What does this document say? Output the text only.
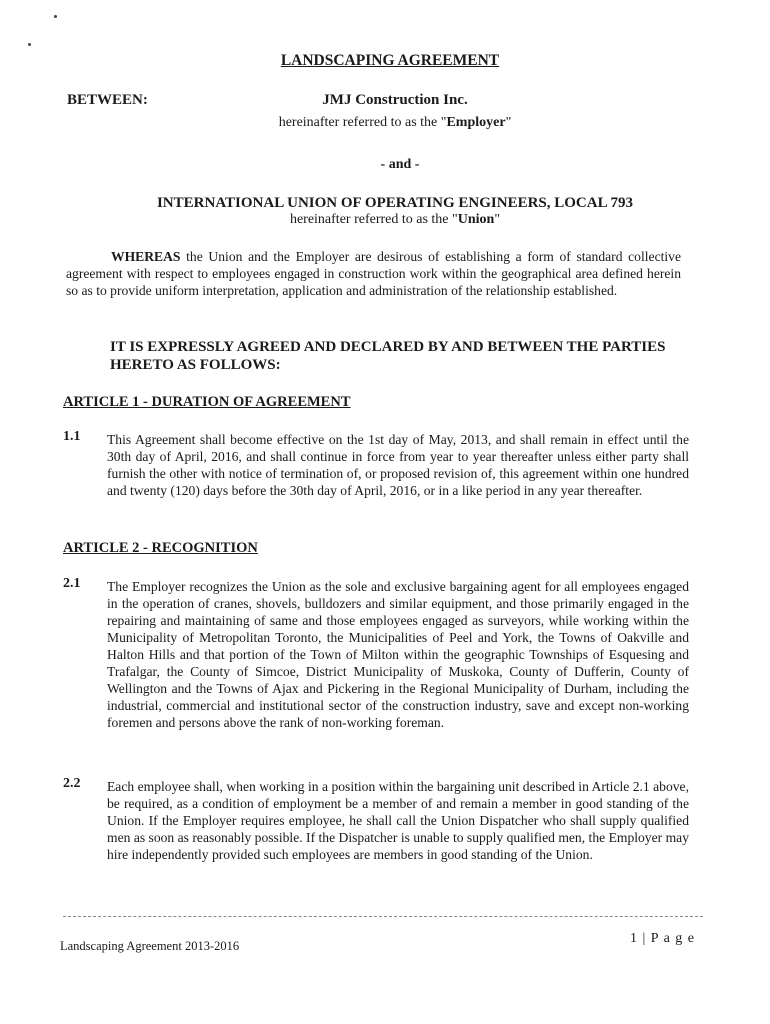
LANDSCAPING AGREEMENT
BETWEEN:	JMJ Construction Inc.
hereinafter referred to as the "Employer"
- and -
INTERNATIONAL UNION OF OPERATING ENGINEERS, LOCAL 793
hereinafter referred to as the "Union"
WHEREAS the Union and the Employer are desirous of establishing a form of standard collective agreement with respect to employees engaged in construction work within the geographical area defined herein so as to provide uniform interpretation, application and administration of the relationship established.
IT IS EXPRESSLY AGREED AND DECLARED BY AND BETWEEN THE PARTIES HERETO AS FOLLOWS:
ARTICLE 1 - DURATION OF AGREEMENT
1.1 This Agreement shall become effective on the 1st day of May, 2013, and shall remain in effect until the 30th day of April, 2016, and shall continue in force from year to year thereafter unless either party shall furnish the other with notice of termination of, or proposed revision of, this agreement within one hundred and twenty (120) days before the 30th day of April, 2016, or in a like period in any year thereafter.
ARTICLE 2 - RECOGNITION
2.1 The Employer recognizes the Union as the sole and exclusive bargaining agent for all employees engaged in the operation of cranes, shovels, bulldozers and similar equipment, and those primarily engaged in the repairing and maintaining of same and those employees engaged as surveyors, while working within the Municipality of Metropolitan Toronto, the Municipalities of Peel and York, the Towns of Oakville and Halton Hills and that portion of the Town of Milton within the geographic Townships of Esquesing and Trafalgar, the County of Simcoe, District Municipality of Muskoka, County of Dufferin, County of Wellington and the Towns of Ajax and Pickering in the Regional Municipality of Durham, including the industrial, commercial and institutional sector of the construction industry, save and except non-working foremen and persons above the rank of non-working foreman.
2.2 Each employee shall, when working in a position within the bargaining unit described in Article 2.1 above, be required, as a condition of employment be a member of and remain a member in good standing of the Union. If the Employer requires employee, he shall call the Union Dispatcher who shall supply qualified men as soon as reasonably possible. If the Dispatcher is unable to supply qualified men, the Employer may hire independently provided such employees are members in good standing of the Union.
Landscaping Agreement 2013-2016	1 | P a g e
